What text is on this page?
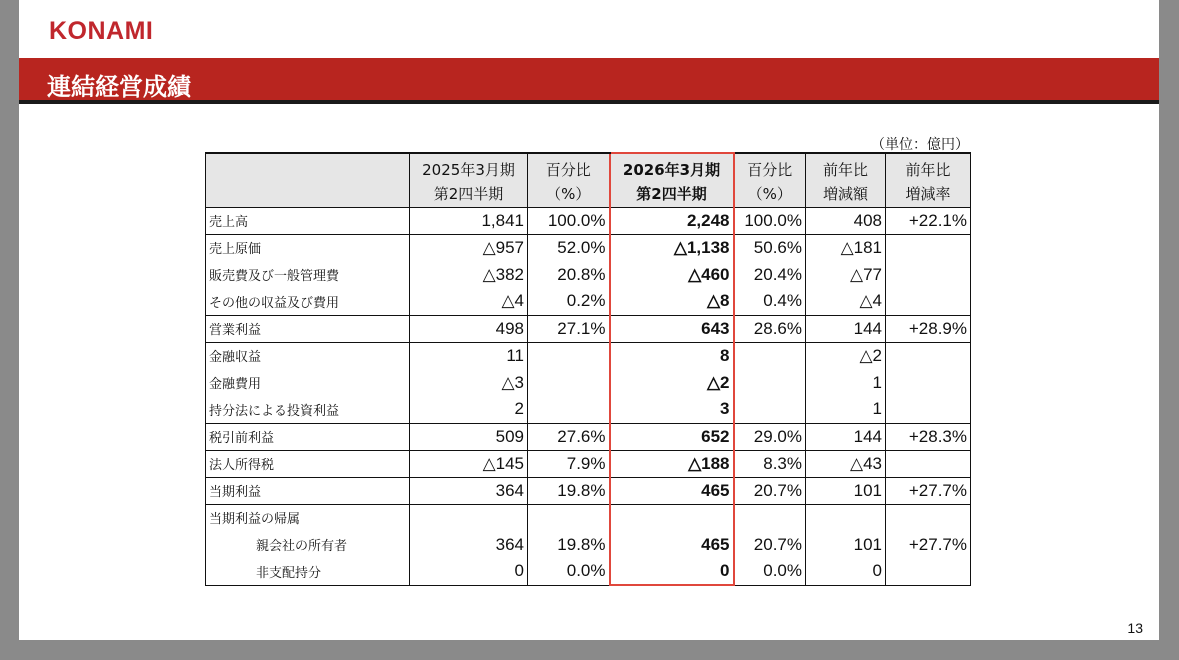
KONAMI
連結経営成績
（単位：億円）
	2025年3月期	百分比	2026年3月期	百分比	前年比	前年比
	第2四半期	（%）	第2四半期	（%）	増減額	増減率
売上高	1,841	100.0%	2,248	100.0%	408	+22.1%
売上原価	△957	52.0%	△1,138	50.6%	△181	
販売費及び一般管理費	△382	20.8%	△460	20.4%	△77	
その他の収益及び費用	△4	0.2%	△8	0.4%	△4	
営業利益	498	27.1%	643	28.6%	144	+28.9%
金融収益	11		8		△2	
金融費用	△3		△2		1	
持分法による投資利益	2		3		1	
税引前利益	509	27.6%	652	29.0%	144	+28.3%
法人所得税	△145	7.9%	△188	8.3%	△43	
当期利益	364	19.8%	465	20.7%	101	+27.7%
当期利益の帰属						
親会社の所有者	364	19.8%	465	20.7%	101	+27.7%
非支配持分	0	0.0%	0	0.0%	0	
13
